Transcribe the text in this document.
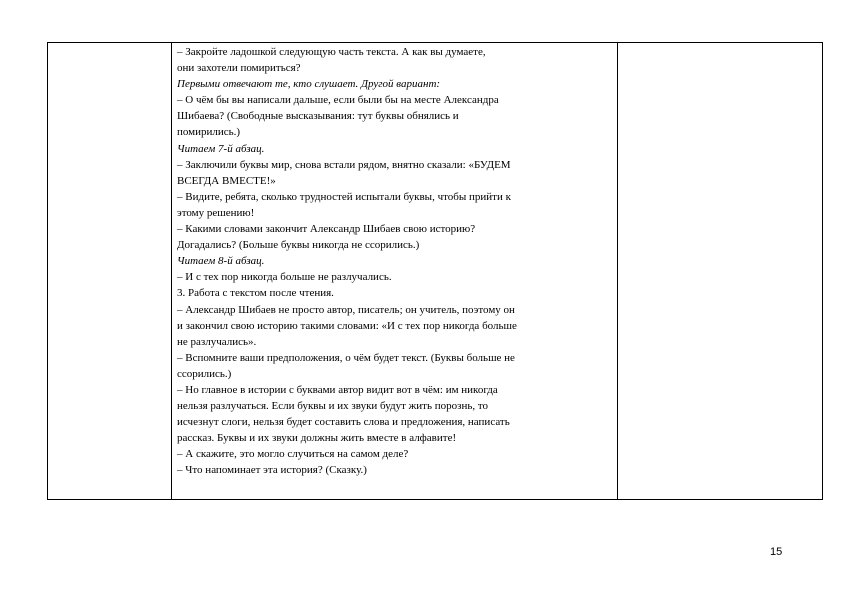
– Закройте ладошкой следующую часть текста. А как вы думаете,
они захотели помириться?
Первыми отвечают те, кто слушает. Другой вариант:
– О чём бы вы написали дальше, если были бы на месте Александра
Шибаева? (Свободные высказывания: тут буквы обнялись и
помирились.)
Читаем 7-й абзац.
– Заключили буквы мир, снова встали рядом, внятно сказали: «БУДЕМ
ВСЕГДА ВМЕСТЕ!»
– Видите, ребята, сколько трудностей испытали буквы, чтобы прийти к
этому решению!
– Какими словами закончит Александр Шибаев свою историю?
Догадались? (Больше буквы никогда не ссорились.)
Читаем 8-й абзац.
– И с тех пор никогда больше не разлучались.
3. Работа с текстом после чтения.
– Александр Шибаев не просто автор, писатель; он учитель, поэтому он
и закончил свою историю такими словами: «И с тех пор никогда больше
не разлучались».
– Вспомните ваши предположения, о чём будет текст. (Буквы больше не
ссорились.)
– Но главное в истории с буквами автор видит вот в чём: им никогда
нельзя разлучаться. Если буквы и их звуки будут жить порознь, то
исчезнут слоги, нельзя будет составить слова и предложения, написать
рассказ. Буквы и их звуки должны жить вместе в алфавите!
– А скажите, это могло случиться на самом деле?
– Что напоминает эта история? (Сказку.)
15
